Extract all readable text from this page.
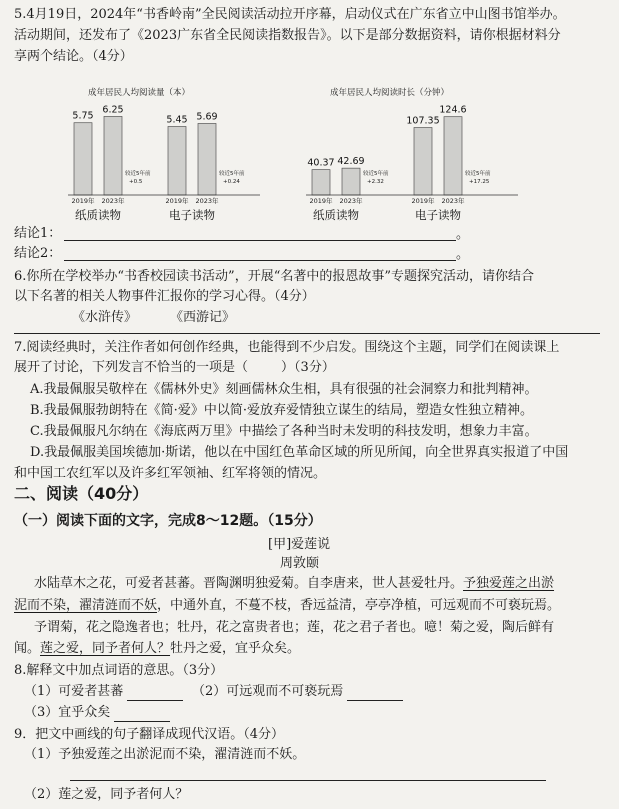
5.4月19日，2024年“书香岭南”全民阅读活动拉开序幕，启动仪式在广东省立中山图书馆举办。
活动期间，还发布了《2023广东省全民阅读指数报告》。以下是部分数据资料，请你根据材料分
享两个结论。（4分）
成年居民人均阅读量（本）
5.75
2019年
6.25
2023年
较近5年前
+0.5
纸质读物
5.45
2019年
5.69
2023年
较近5年前
+0.24
电子读物
成年居民人均阅读时长（分钟）
40.37
2019年
42.69
2023年
较近5年前
+2.32
纸质读物
107.35
2019年
124.6
2023年
较近5年前
+17.25
电子读物
结论1：	。
结论2：	。
6.你所在学校举办“书香校园读书活动”，开展“名著中的报恩故事”专题探究活动，请你结合
以下名著的相关人物事件汇报你的学习心得。（4分）
《水浒传》        《西游记》
7.阅读经典时，关注作者如何创作经典，也能得到不少启发。围绕这个主题，同学们在阅读课上
展开了讨论，下列发言不恰当的一项是（        ）（3分）
A.我最佩服吴敬梓在《儒林外史》刻画儒林众生相，具有很强的社会洞察力和批判精神。
B.我最佩服勃朗特在《简·爱》中以简·爱放弃爱情独立谋生的结局，塑造女性独立精神。
C.我最佩服凡尔纳在《海底两万里》中描绘了各种当时未发明的科技发明，想象力丰富。
D.我最佩服美国埃德加·斯诺，他以在中国红色革命区域的所见所闻，向全世界真实报道了中国
和中国工农红军以及许多红军领袖、红军将领的情况。
二、阅读（40分）
（一）阅读下面的文字，完成8～12题。（15分）
[甲]爱莲说
周敦颐
水陆草木之花，可爱者甚蕃。晋陶渊明独爱菊。自李唐来，世人甚爱牡丹。予独爱莲之出淤
泥而不染，濯清涟而不妖，中通外直，不蔓不枝，香远益清，亭亭净植，可远观而不可亵玩焉。
予谓菊，花之隐逸者也；牡丹，花之富贵者也；莲，花之君子者也。噫！菊之爱，陶后鲜有
闻。莲之爱，同予者何人？牡丹之爱，宜乎众矣。
8.解释文中加点词语的意思。（3分）
（1）可爱者甚蕃	（2）可远观而不可亵玩焉
（3）宜乎众矣
9．把文中画线的句子翻译成现代汉语。（4分）
（1）予独爱莲之出淤泥而不染，濯清涟而不妖。
（2）莲之爱，同予者何人？
